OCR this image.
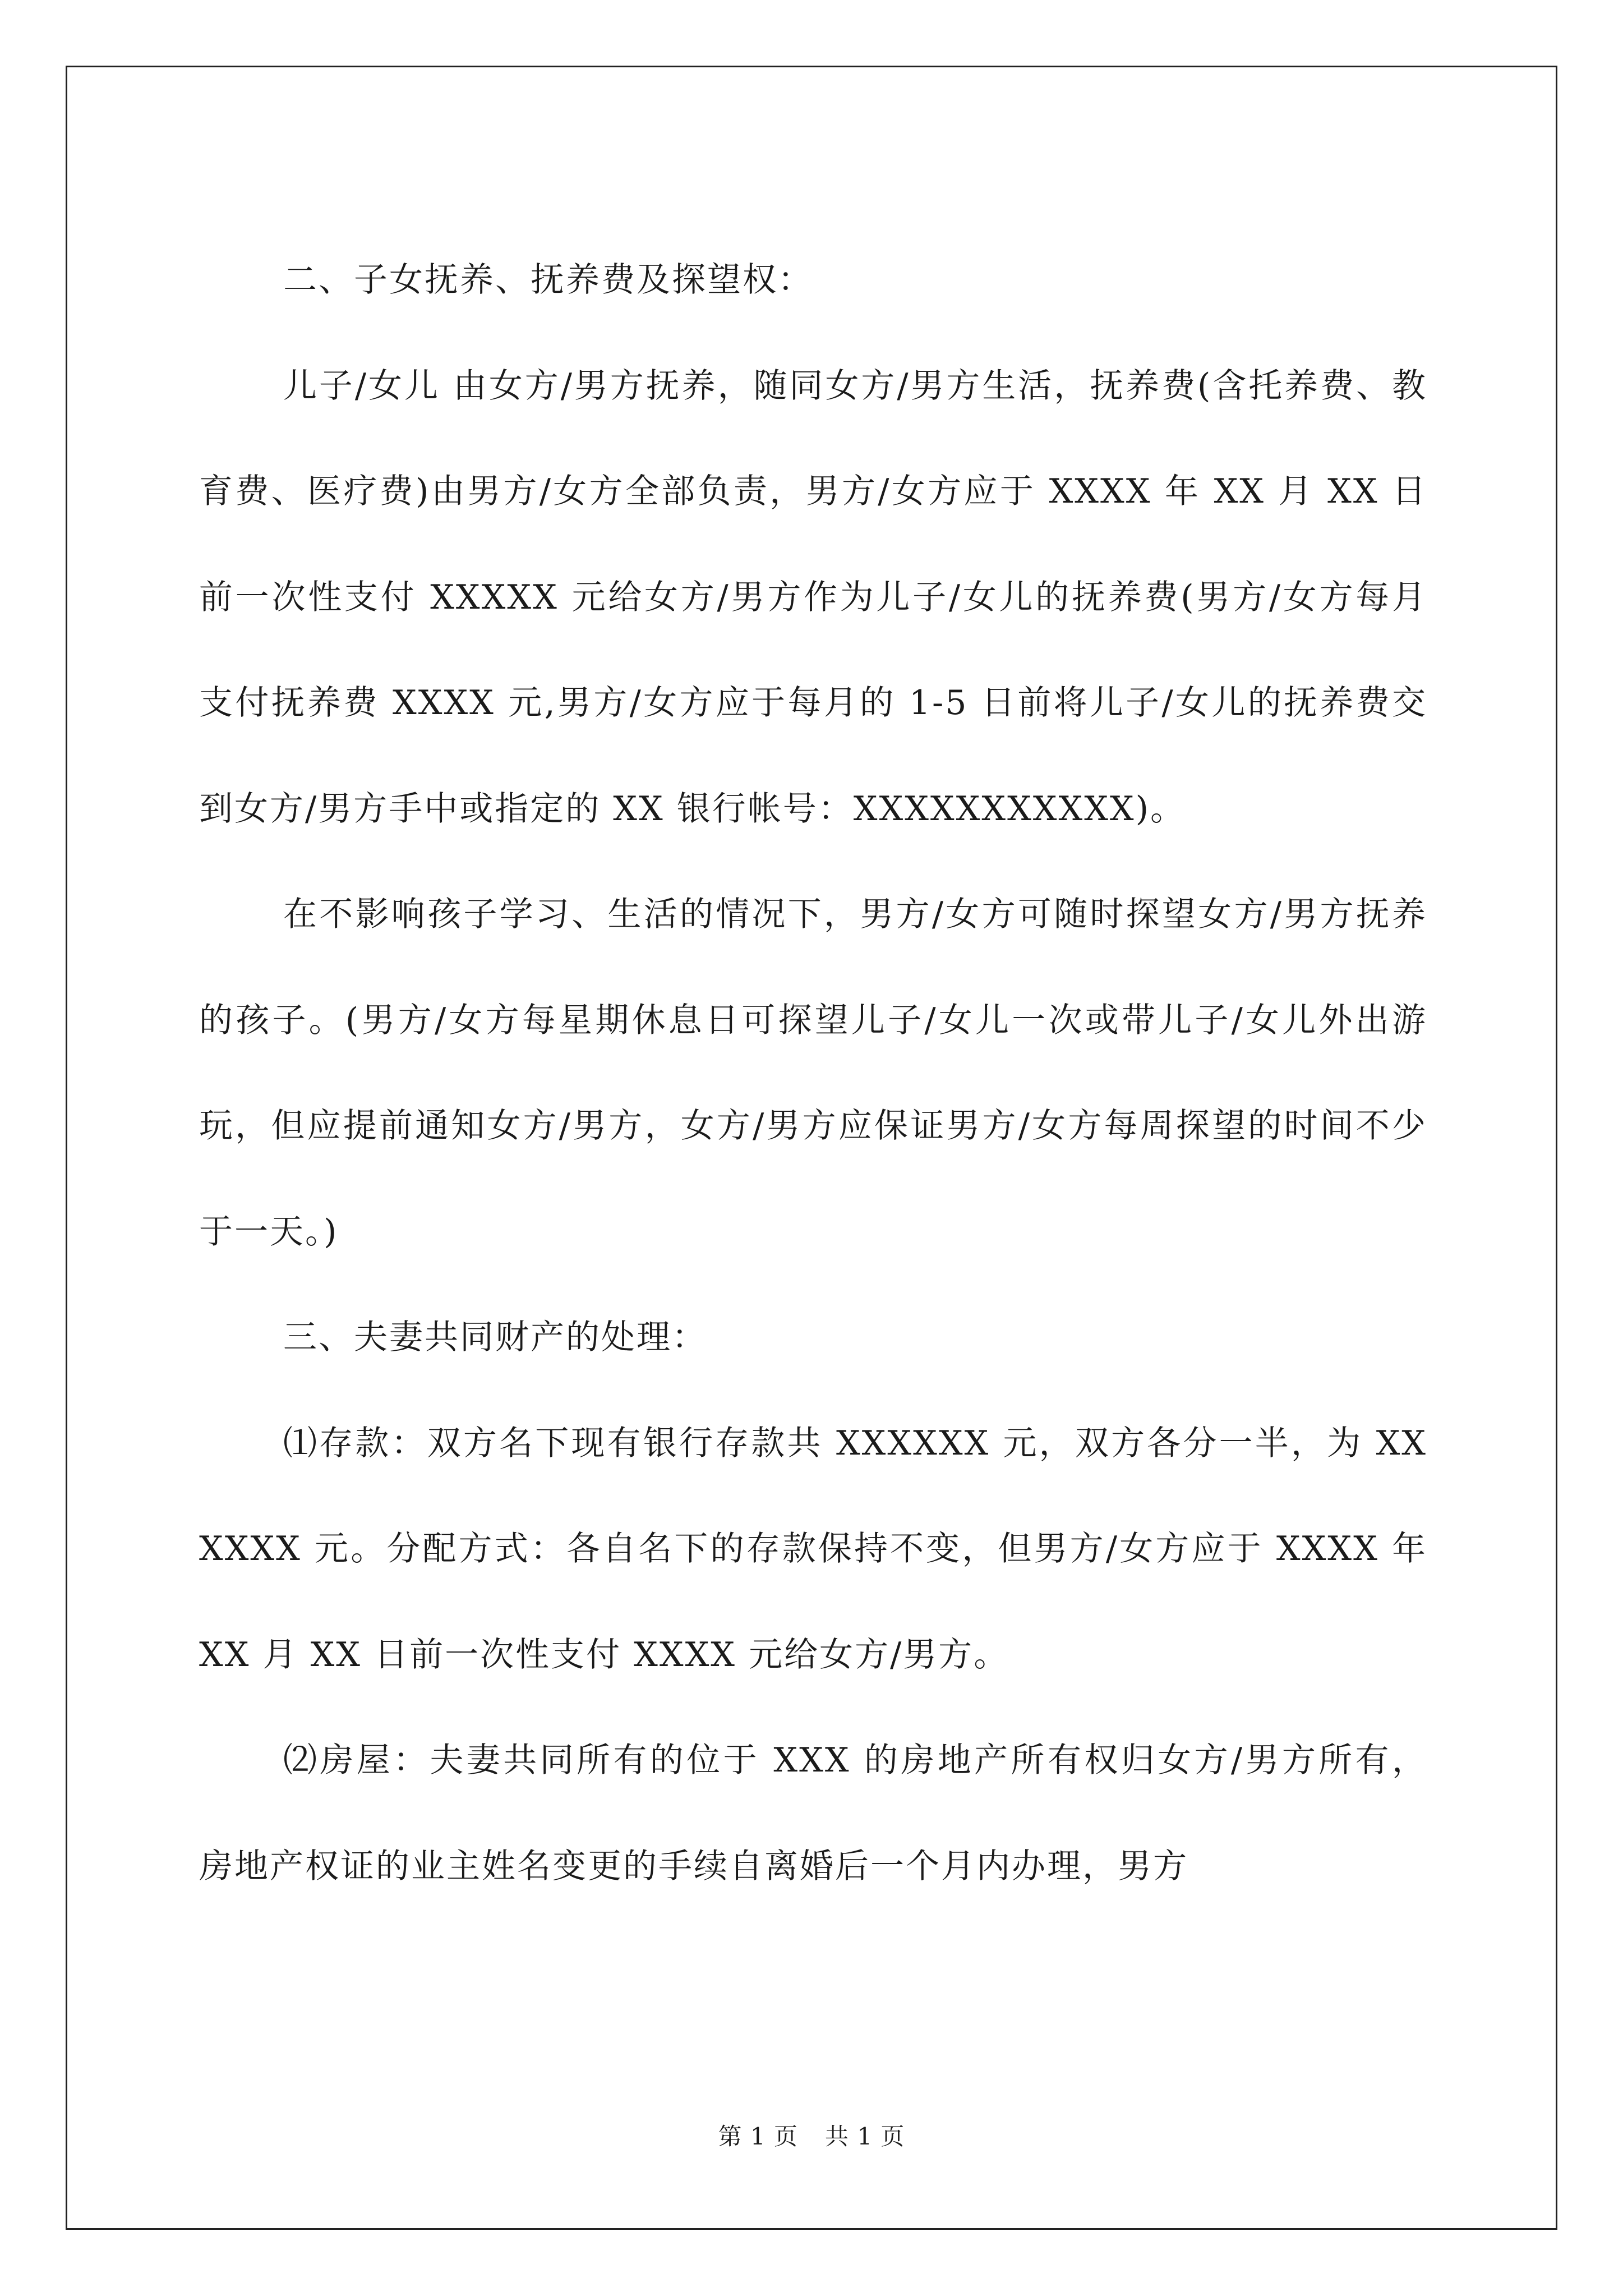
二、子女抚养、抚养费及探望权：

儿子/女儿 由女方/男方抚养，随同女方/男方生活，抚养费(含托养费、教育费、医疗费)由男方/女方全部负责，男方/女方应于 XXXX 年 XX 月 XX 日前一次性支付 XXXXX 元给女方/男方作为儿子/女儿的抚养费(男方/女方每月支付抚养费 XXXX 元,男方/女方应于每月的 1-5 日前将儿子/女儿的抚养费交到女方/男方手中或指定的 XX 银行帐号：XXXXXXXXXXX)。

在不影响孩子学习、生活的情况下，男方/女方可随时探望女方/男方抚养的孩子。(男方/女方每星期休息日可探望儿子/女儿一次或带儿子/女儿外出游玩，但应提前通知女方/男方，女方/男方应保证男方/女方每周探望的时间不少于一天。)

三、夫妻共同财产的处理：

⑴存款：双方名下现有银行存款共 XXXXXX 元，双方各分一半，为 XXXXXX 元。分配方式：各自名下的存款保持不变，但男方/女方应于 XXXX 年 XX 月 XX 日前一次性支付 XXXX 元给女方/男方。

⑵房屋：夫妻共同所有的位于 XXX 的房地产所有权归女方/男方所有， 房地产权证的业主姓名变更的手续自离婚后一个月内办理，男方

第 1 页 共 1 页
